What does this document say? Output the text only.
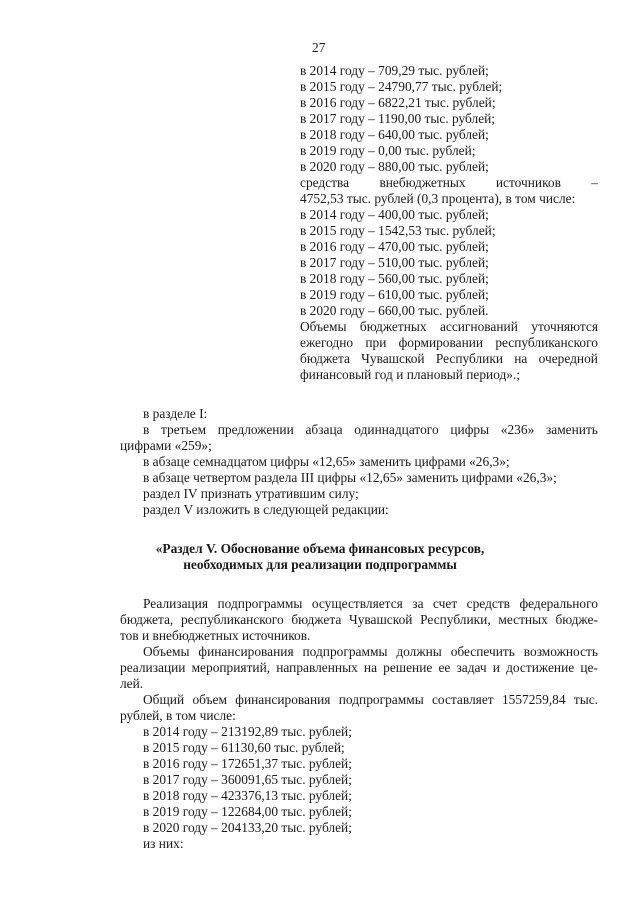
27
в 2014 году – 709,29 тыс. рублей;
в 2015 году – 24790,77 тыс. рублей;
в 2016 году – 6822,21 тыс. рублей;
в 2017 году – 1190,00 тыс. рублей;
в 2018 году – 640,00 тыс. рублей;
в 2019 году – 0,00 тыс. рублей;
в 2020 году – 880,00 тыс. рублей;
средства внебюджетных источников –
4752,53 тыс. рублей (0,3 процента), в том числе:
в 2014 году – 400,00 тыс. рублей;
в 2015 году – 1542,53 тыс. рублей;
в 2016 году – 470,00 тыс. рублей;
в 2017 году – 510,00 тыс. рублей;
в 2018 году – 560,00 тыс. рублей;
в 2019 году – 610,00 тыс. рублей;
в 2020 году – 660,00 тыс. рублей.
Объемы бюджетных ассигнований уточняются
ежегодно при формировании республиканского
бюджета Чувашской Республики на очередной
финансовый год и плановый период».;
в разделе I:
в третьем предложении абзаца одиннадцатого цифры «236» заменить
цифрами «259»;
в абзаце семнадцатом цифры «12,65» заменить цифрами «26,3»;
в абзаце четвертом раздела III цифры «12,65» заменить цифрами «26,3»;
раздел IV признать утратившим силу;
раздел V изложить в следующей редакции:
«Раздел V. Обоснование объема финансовых ресурсов,
необходимых для реализации подпрограммы
Реализация подпрограммы осуществляется за счет средств федерального
бюджета, республиканского бюджета Чувашской Республики, местных бюдже-
тов и внебюджетных источников.
Объемы финансирования подпрограммы должны обеспечить возможность
реализации мероприятий, направленных на решение ее задач и достижение це-
лей.
Общий объем финансирования подпрограммы составляет 1557259,84 тыс.
рублей, в том числе:
в 2014 году – 213192,89 тыс. рублей;
в 2015 году – 61130,60 тыс. рублей;
в 2016 году – 172651,37 тыс. рублей;
в 2017 году – 360091,65 тыс. рублей;
в 2018 году – 423376,13 тыс. рублей;
в 2019 году – 122684,00 тыс. рублей;
в 2020 году – 204133,20 тыс. рублей;
из них:
